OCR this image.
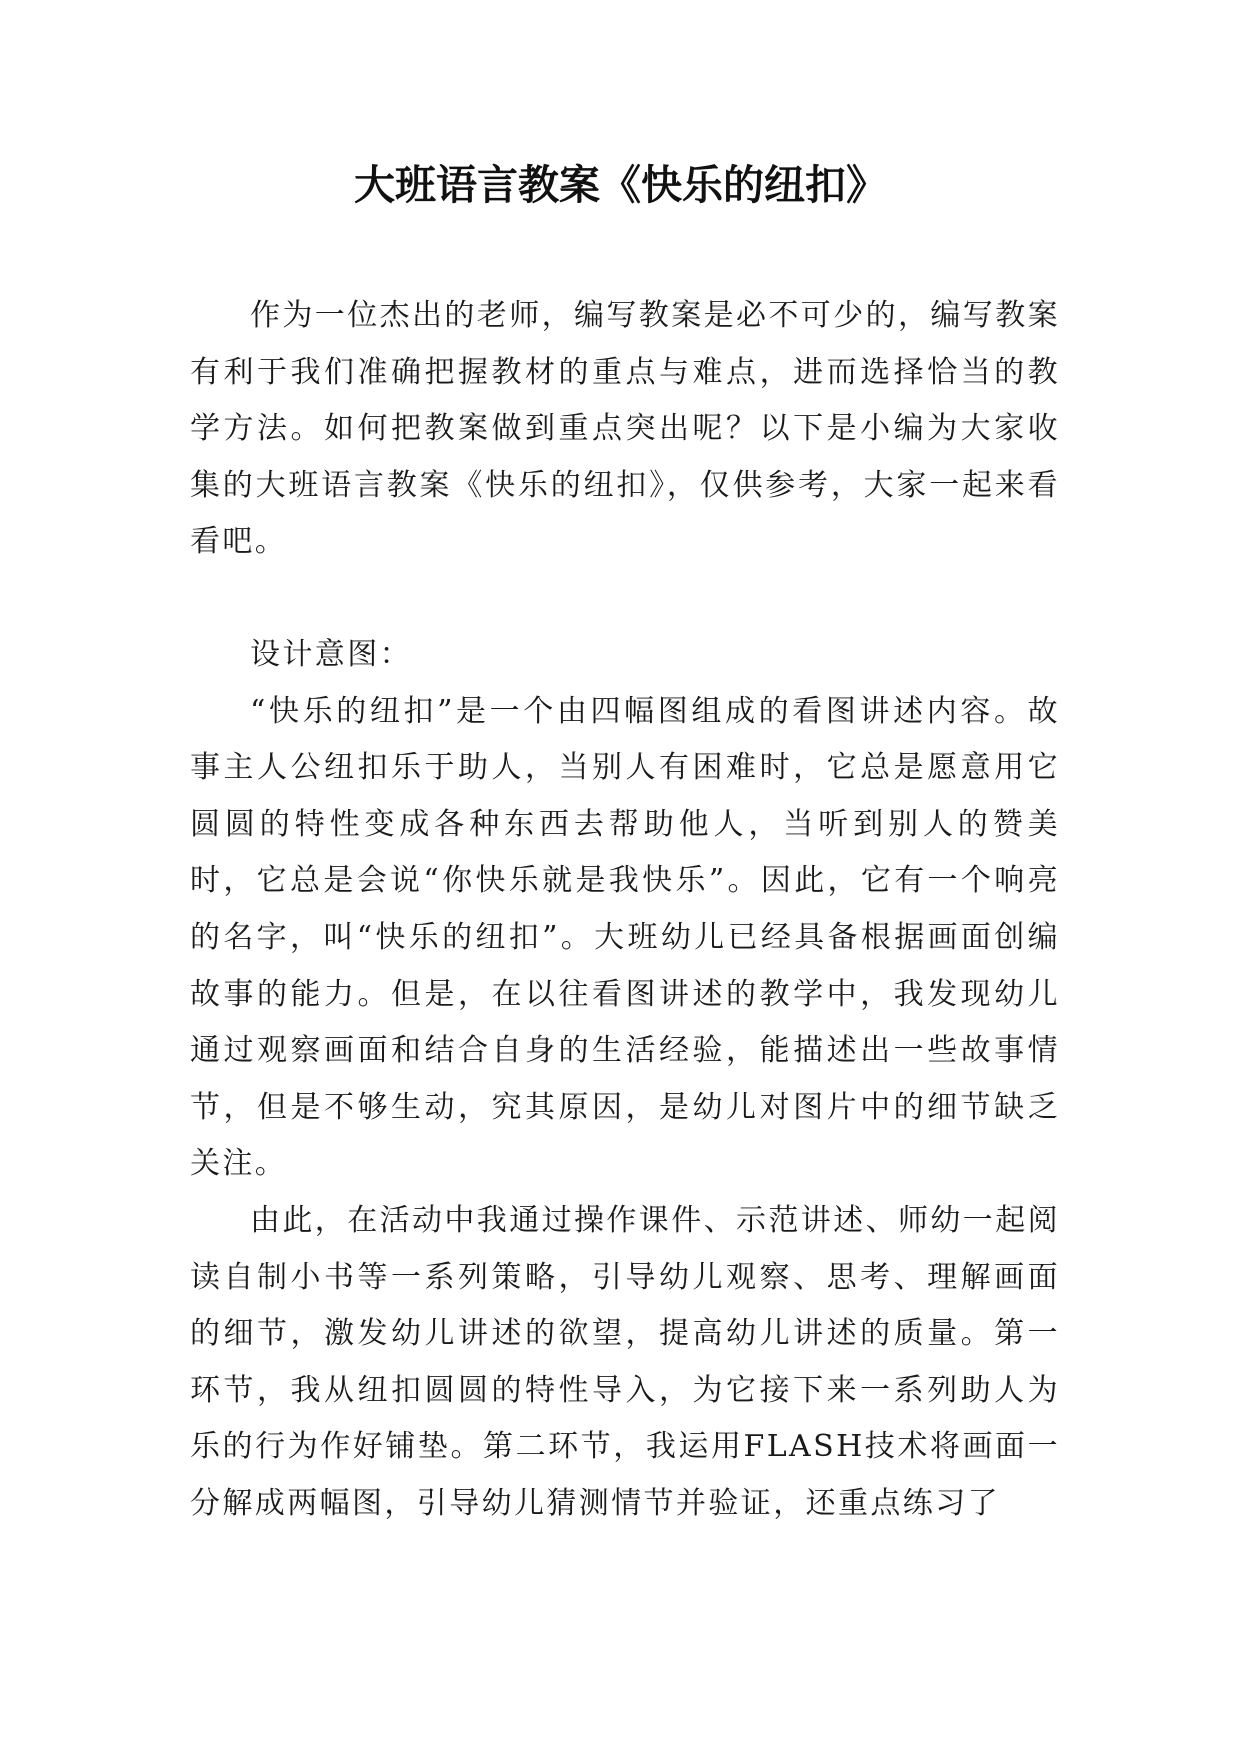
大班语言教案《快乐的纽扣》

作为一位杰出的老师，编写教案是必不可少的，编写教案有利于我们准确把握教材的重点与难点，进而选择恰当的教学方法。如何把教案做到重点突出呢？以下是小编为大家收集的大班语言教案《快乐的纽扣》，仅供参考，大家一起来看看吧。

设计意图：

“快乐的纽扣”是一个由四幅图组成的看图讲述内容。故事主人公纽扣乐于助人，当别人有困难时，它总是愿意用它圆圆的特性变成各种东西去帮助他人，当听到别人的赞美时，它总是会说“你快乐就是我快乐”。因此，它有一个响亮的名字，叫“快乐的纽扣”。大班幼儿已经具备根据画面创编故事的能力。但是，在以往看图讲述的教学中，我发现幼儿通过观察画面和结合自身的生活经验，能描述出一些故事情节，但是不够生动，究其原因，是幼儿对图片中的细节缺乏关注。

由此，在活动中我通过操作课件、示范讲述、师幼一起阅读自制小书等一系列策略，引导幼儿观察、思考、理解画面的细节，激发幼儿讲述的欲望，提高幼儿讲述的质量。第一环节，我从纽扣圆圆的特性导入，为它接下来一系列助人为乐的行为作好铺垫。第二环节，我运用FLASH技术将画面一分解成两幅图，引导幼儿猜测情节并验证，还重点练习了
